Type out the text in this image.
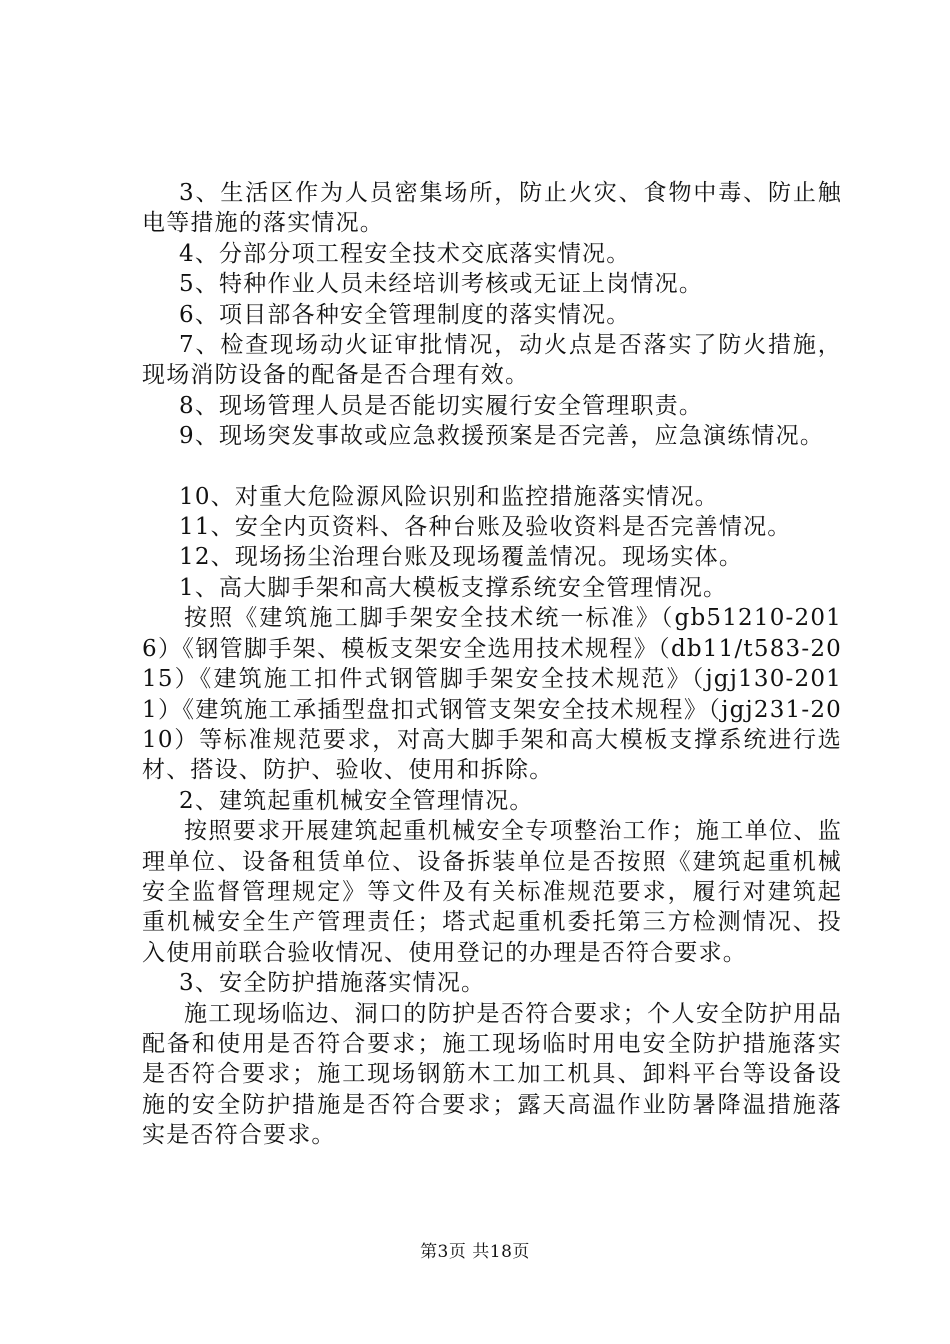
3、生活区作为人员密集场所，防止火灾、食物中毒、防止触电等措施的落实情况。

4、分部分项工程安全技术交底落实情况。

5、特种作业人员未经培训考核或无证上岗情况。

6、项目部各种安全管理制度的落实情况。

7、检查现场动火证审批情况，动火点是否落实了防火措施，现场消防设备的配备是否合理有效。

8、现场管理人员是否能切实履行安全管理职责。

9、现场突发事故或应急救援预案是否完善，应急演练情况。

10、对重大危险源风险识别和监控措施落实情况。

11、安全内页资料、各种台账及验收资料是否完善情况。

12、现场扬尘治理台账及现场覆盖情况。现场实体。

1、高大脚手架和高大模板支撑系统安全管理情况。

按照《建筑施工脚手架安全技术统一标准》（gb51210-2016）《钢管脚手架、模板支架安全选用技术规程》（db11/t583-2015）《建筑施工扣件式钢管脚手架安全技术规范》（jgj130-2011）《建筑施工承插型盘扣式钢管支架安全技术规程》（jgj231-2010）等标准规范要求，对高大脚手架和高大模板支撑系统进行选材、搭设、防护、验收、使用和拆除。

2、建筑起重机械安全管理情况。

按照要求开展建筑起重机械安全专项整治工作；施工单位、监理单位、设备租赁单位、设备拆装单位是否按照《建筑起重机械安全监督管理规定》等文件及有关标准规范要求，履行对建筑起重机械安全生产管理责任；塔式起重机委托第三方检测情况、投入使用前联合验收情况、使用登记的办理是否符合要求。

3、安全防护措施落实情况。

施工现场临边、洞口的防护是否符合要求；个人安全防护用品配备和使用是否符合要求；施工现场临时用电安全防护措施落实是否符合要求；施工现场钢筋木工加工机具、卸料平台等设备设施的安全防护措施是否符合要求；露天高温作业防暑降温措施落实是否符合要求。

第3页 共18页
